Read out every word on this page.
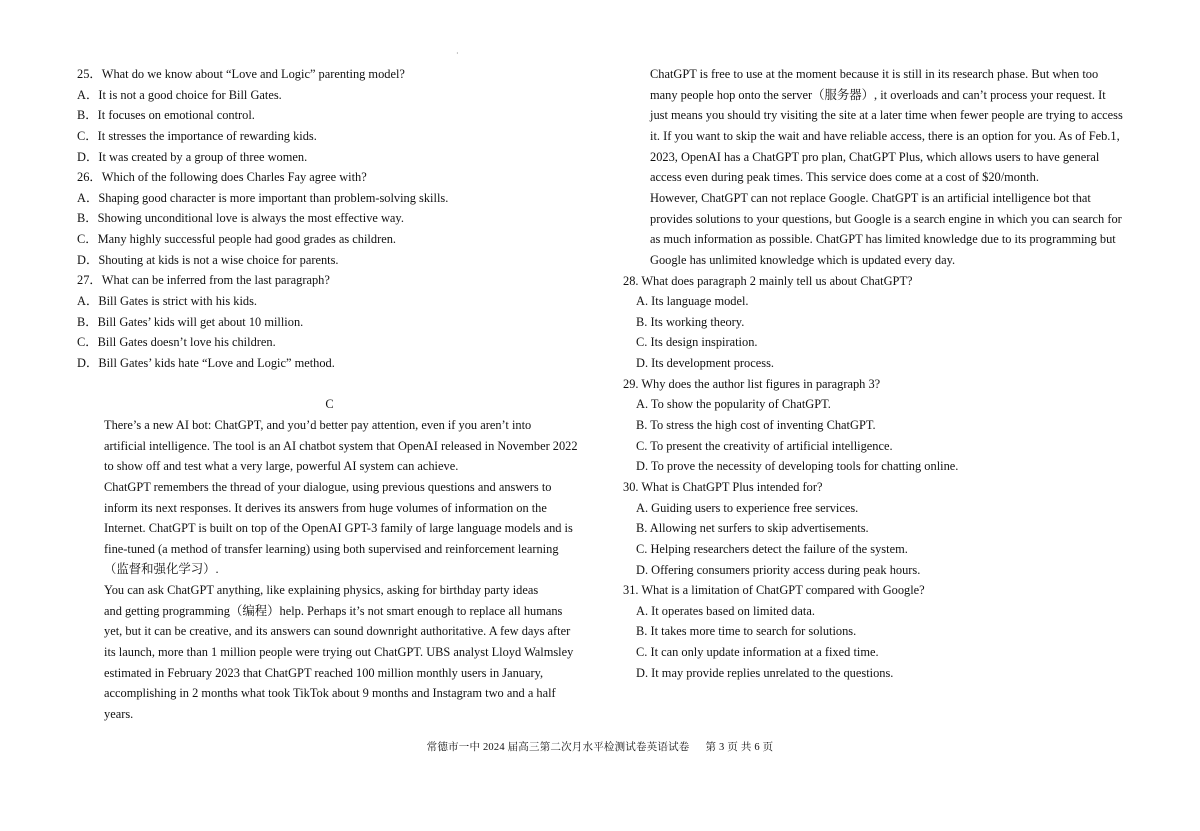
·
25．What do we know about “Love and Logic” parenting model?
A．It is not a good choice for Bill Gates.
B．It focuses on emotional control.
C．It stresses the importance of rewarding kids.
D．It was created by a group of three women.
26．Which of the following does Charles Fay agree with?
A．Shaping good character is more important than problem-solving skills.
B．Showing unconditional love is always the most effective way.
C．Many highly successful people had good grades as children.
D．Shouting at kids is not a wise choice for parents.
27．What can be inferred from the last paragraph?
A．Bill Gates is strict with his kids.
B．Bill Gates’ kids will get about 10 million.
C．Bill Gates doesn’t love his children.
D．Bill Gates’ kids hate “Love and Logic” method.
C
There’s a new AI bot: ChatGPT, and you’d better pay attention, even if you aren’t into
artificial intelligence. The tool is an AI chatbot system that OpenAI released in November 2022
to show off and test what a very large, powerful AI system can achieve.
ChatGPT remembers the thread of your dialogue, using previous questions and answers to
inform its next responses. It derives its answers from huge volumes of information on the
Internet. ChatGPT is built on top of the OpenAI GPT-3 family of large language models and is
fine-tuned (a method of transfer learning) using both supervised and reinforcement learning
（监督和强化学习）.
You can ask ChatGPT anything, like explaining physics, asking for birthday party ideas
and getting programming（编程）help. Perhaps it’s not smart enough to replace all humans
yet, but it can be creative, and its answers can sound downright authoritative. A few days after
its launch, more than 1 million people were trying out ChatGPT. UBS analyst Lloyd Walmsley
estimated in February 2023 that ChatGPT reached 100 million monthly users in January,
accomplishing in 2 months what took TikTok about 9 months and Instagram two and a half
years.
ChatGPT is free to use at the moment because it is still in its research phase. But when too
many people hop onto the server（服务器）, it overloads and can’t process your request. It
just means you should try visiting the site at a later time when fewer people are trying to access
it. If you want to skip the wait and have reliable access, there is an option for you. As of Feb.1,
2023, OpenAI has a ChatGPT pro plan, ChatGPT Plus, which allows users to have general
access even during peak times. This service does come at a cost of $20/month.
However, ChatGPT can not replace Google. ChatGPT is an artificial intelligence bot that
provides solutions to your questions, but Google is a search engine in which you can search for
as much information as possible. ChatGPT has limited knowledge due to its programming but
Google has unlimited knowledge which is updated every day.
28. What does paragraph 2 mainly tell us about ChatGPT?
A. Its language model.
B. Its working theory.
C. Its design inspiration.
D. Its development process.
29. Why does the author list figures in paragraph 3?
A. To show the popularity of ChatGPT.
B. To stress the high cost of inventing ChatGPT.
C. To present the creativity of artificial intelligence.
D. To prove the necessity of developing tools for chatting online.
30. What is ChatGPT Plus intended for?
A. Guiding users to experience free services.
B. Allowing net surfers to skip advertisements.
C. Helping researchers detect the failure of the system.
D. Offering consumers priority access during peak hours.
31. What is a limitation of ChatGPT compared with Google?
A. It operates based on limited data.
B. It takes more time to search for solutions.
C. It can only update information at a fixed time.
D. It may provide replies unrelated to the questions.
常德市一中 2024 届高三第二次月水平检测试卷英语试卷 第 3 页 共 6 页
